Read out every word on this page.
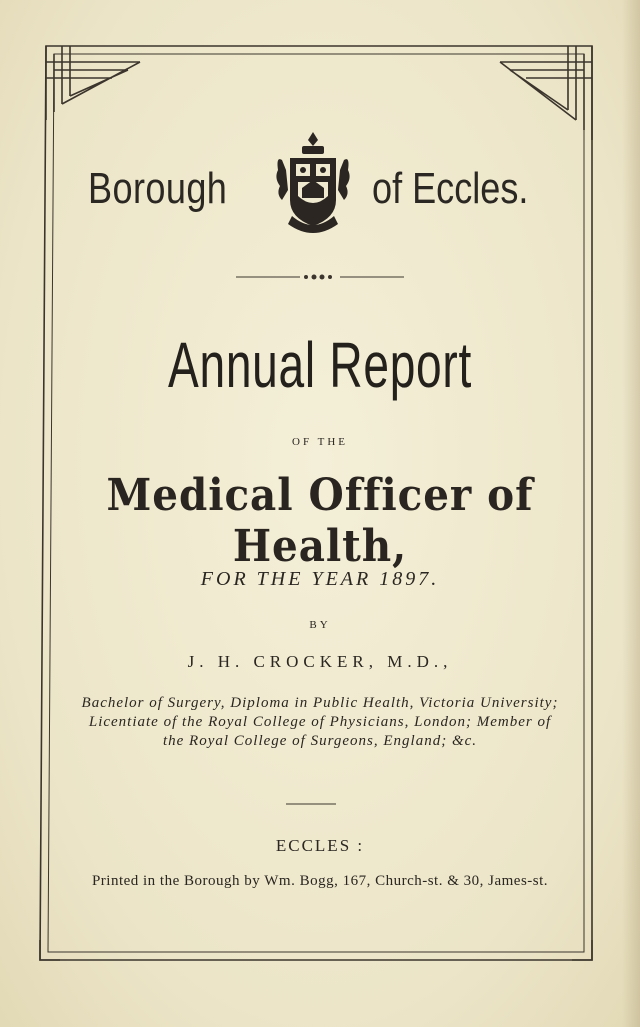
Borough	of Eccles.
Annual Report
OF THE
Medical Officer of Health,
FOR THE YEAR 1897.
BY
J. H. CROCKER, M.D.,
Bachelor of Surgery, Diploma in Public Health, Victoria University;
Licentiate of the Royal College of Physicians, London; Member of
the Royal College of Surgeons, England; &c.
ECCLES :
Printed in the Borough by Wm. Bogg, 167, Church-st. & 30, James-st.
